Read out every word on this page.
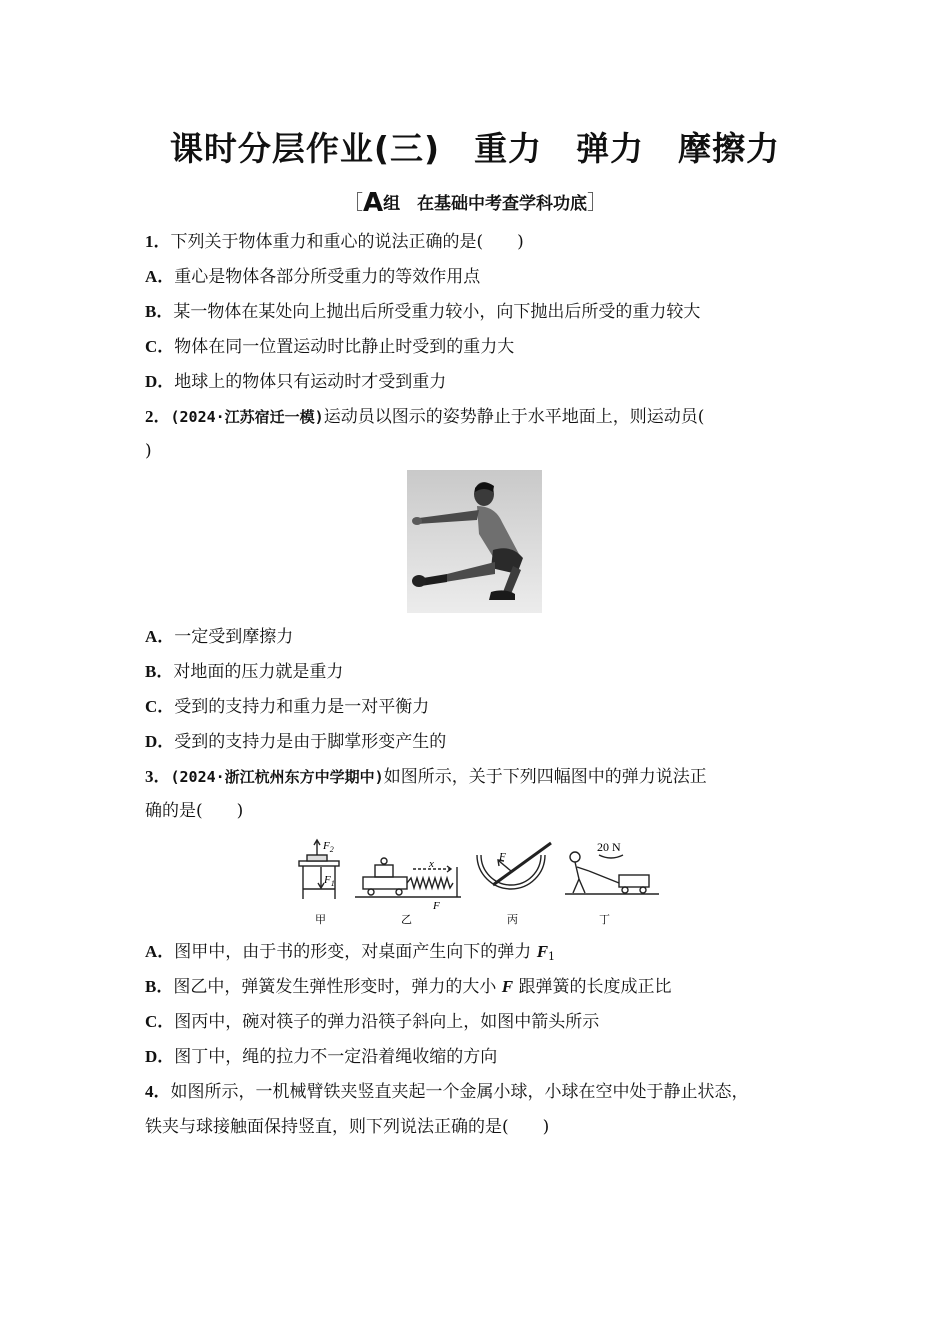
课时分层作业(三)　重力　弹力　摩擦力
［A组　在基础中考查学科功底］
1．下列关于物体重力和重心的说法正确的是(　　)
A．重心是物体各部分所受重力的等效作用点
B．某一物体在某处向上抛出后所受重力较小，向下抛出后所受的重力较大
C．物体在同一位置运动时比静止时受到的重力大
D．地球上的物体只有运动时才受到重力
2．(2024·江苏宿迁一模)运动员以图示的姿势静止于水平地面上，则运动员(
)
A．一定受到摩擦力
B．对地面的压力就是重力
C．受到的支持力和重力是一对平衡力
D．受到的支持力是由于脚掌形变产生的
3．(2024·浙江杭州东方中学期中)如图所示，关于下列四幅图中的弹力说法正
确的是(　　)
$F_2$
$F_1$
甲
x
F
乙
F
丙
20 N
丁
A．图甲中，由于书的形变，对桌面产生向下的弹力 F1
B．图乙中，弹簧发生弹性形变时，弹力的大小 F 跟弹簧的长度成正比
C．图丙中，碗对筷子的弹力沿筷子斜向上，如图中箭头所示
D．图丁中，绳的拉力不一定沿着绳收缩的方向
4．如图所示，一机械臂铁夹竖直夹起一个金属小球，小球在空中处于静止状态，
铁夹与球接触面保持竖直，则下列说法正确的是(　　)
